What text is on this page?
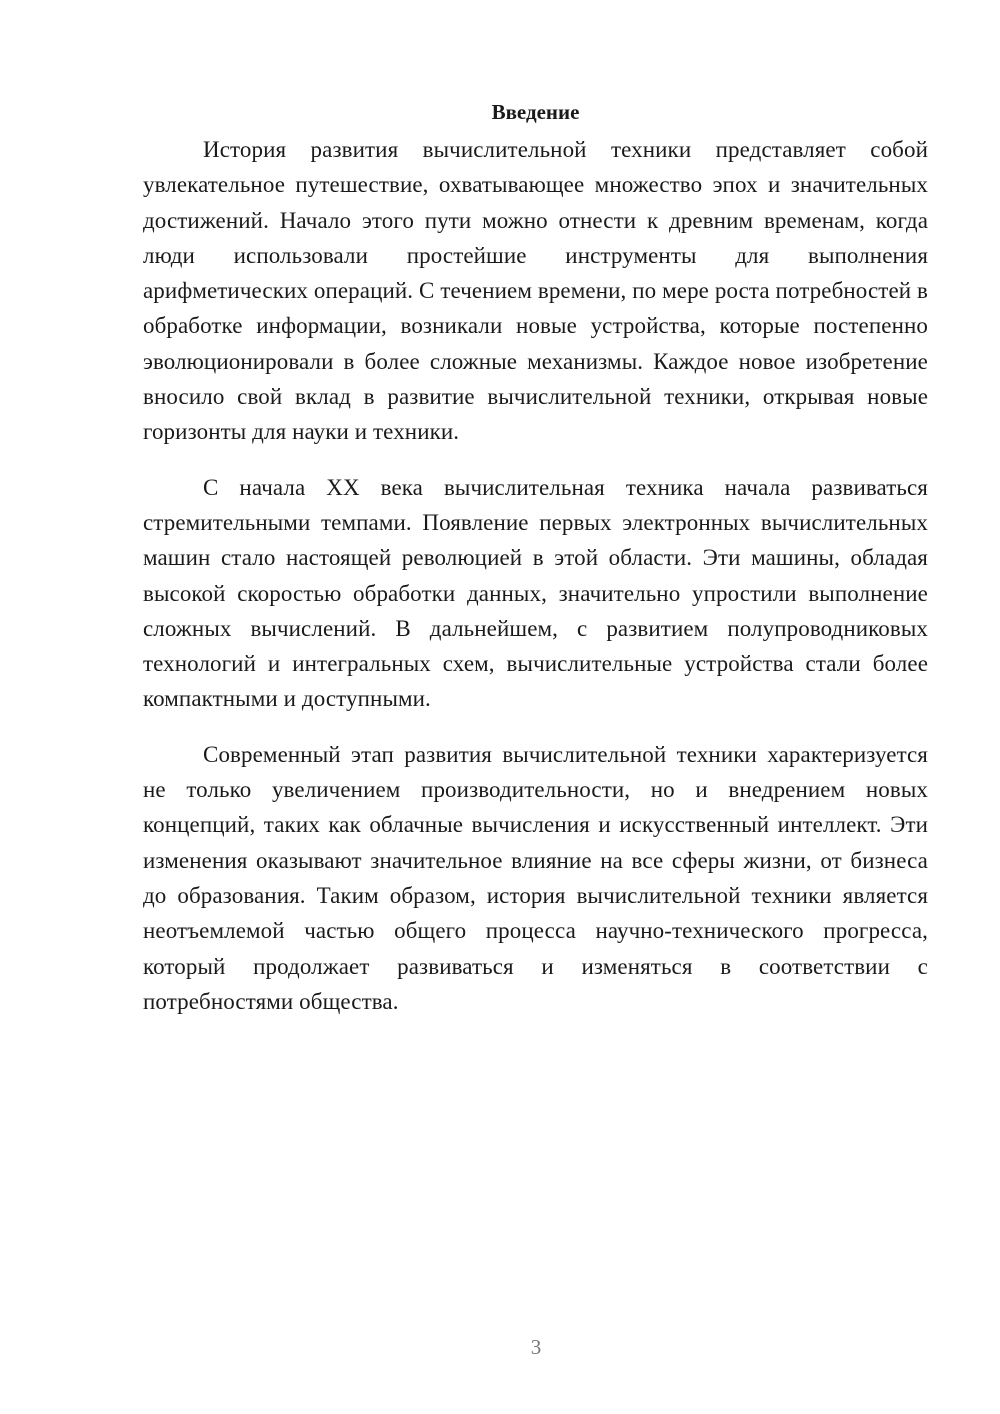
Введение

История развития вычислительной техники представляет собой увлекательное путешествие, охватывающее множество эпох и значительных достижений. Начало этого пути можно отнести к древним временам, когда люди использовали простейшие инструменты для выполнения арифметических операций. С течением времени, по мере роста потребностей в обработке информации, возникали новые устройства, которые постепенно эволюционировали в более сложные механизмы. Каждое новое изобретение вносило свой вклад в развитие вычислительной техники, открывая новые горизонты для науки и техники.

С начала XX века вычислительная техника начала развиваться стремительными темпами. Появление первых электронных вычислительных машин стало настоящей революцией в этой области. Эти машины, обладая высокой скоростью обработки данных, значительно упростили выполнение сложных вычислений. В дальнейшем, с развитием полупроводниковых технологий и интегральных схем, вычислительные устройства стали более компактными и доступными.

Современный этап развития вычислительной техники характеризуется не только увеличением производительности, но и внедрением новых концепций, таких как облачные вычисления и искусственный интеллект. Эти изменения оказывают значительное влияние на все сферы жизни, от бизнеса до образования. Таким образом, история вычислительной техники является неотъемлемой частью общего процесса научно-технического прогресса, который продолжает развиваться и изменяться в соответствии с потребностями общества.

3
